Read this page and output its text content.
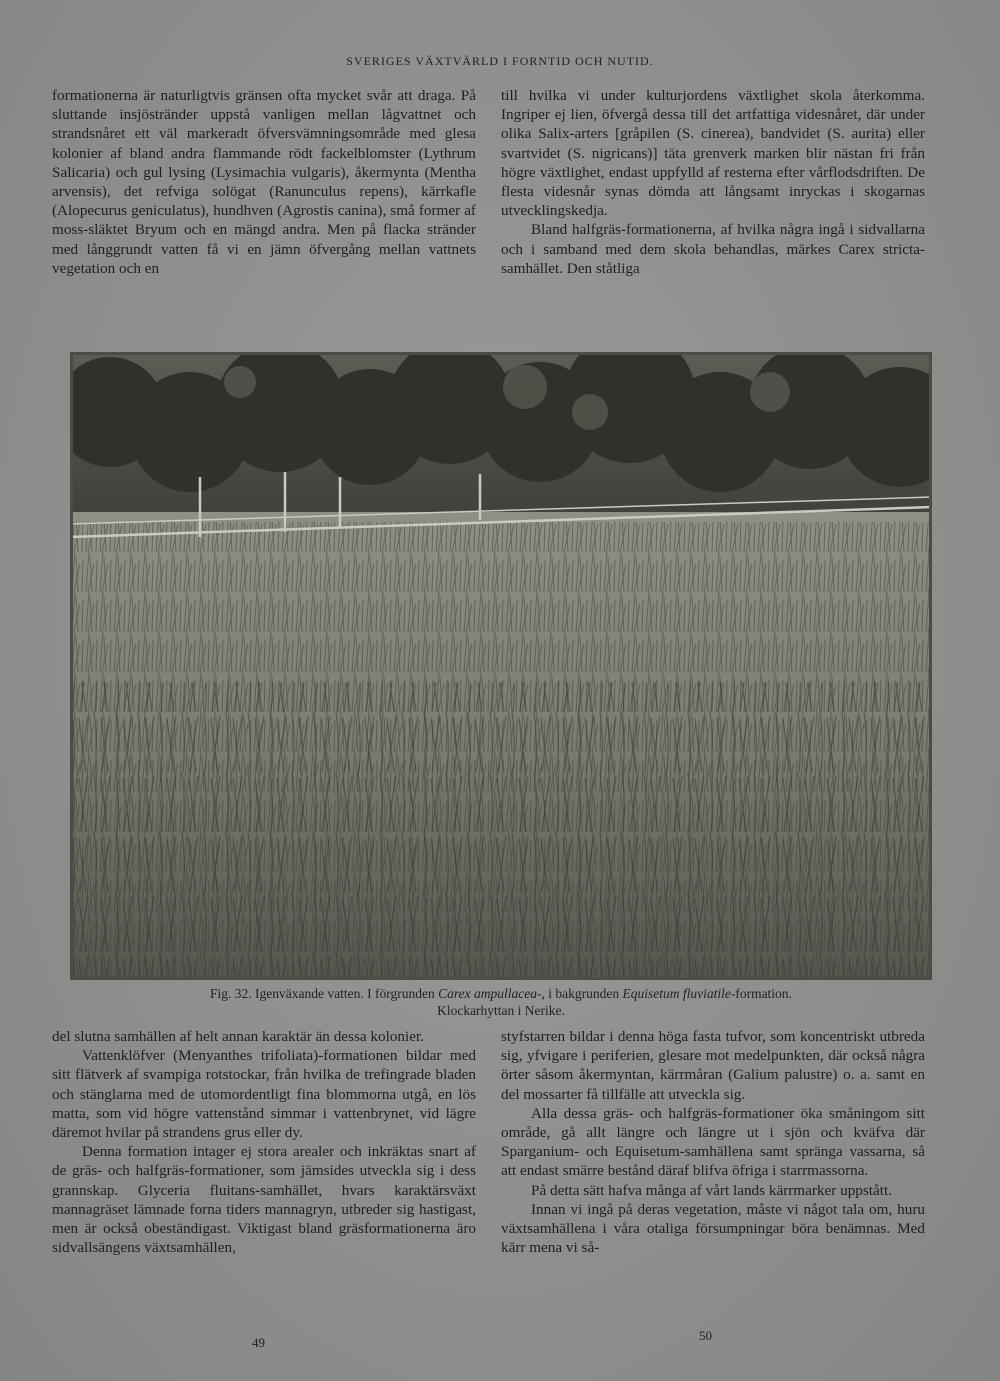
SVERIGES VÄXTVÄRLD I FORNTID OCH NUTID.

formationerna är naturligtvis gränsen ofta mycket svår att draga. På sluttande insjöstränder uppstå vanligen mellan lågvattnet och strandsnåret ett väl markeradt öfversvämningsområde med glesa kolonier af bland andra flammande rödt fackelblomster (Lythrum Salicaria) och gul lysing (Lysimachia vulgaris), åkermynta (Mentha arvensis), det refviga solögat (Ranunculus repens), kärrkafle (Alopecurus geniculatus), hundhven (Agrostis canina), små former af moss-släktet Bryum och en mängd andra. Men på flacka stränder med långgrundt vatten få vi en jämn öfvergång mellan vattnets vegetation och en

till hvilka vi under kulturjordens växtlighet skola återkomma. Ingriper ej lien, öfvergå dessa till det artfattiga videsnåret, där under olika Salix-arters [gråpilen (S. cinerea), bandvidet (S. aurita) eller svartvidet (S. nigricans)] täta grenverk marken blir nästan fri från högre växtlighet, endast uppfylld af resterna efter vårflodsdriften. De flesta videsnår synas dömda att långsamt inryckas i skogarnas utvecklingskedja.

Bland halfgräs-formationerna, af hvilka några ingå i sidvallarna och i samband med dem skola behandlas, märkes Carex stricta-samhället. Den ståtliga

Fig. 32. Igenväxande vatten. I förgrunden Carex ampullacea-, i bakgrunden Equisetum fluviatile-formation.
Klockarhyttan i Nerike.

del slutna samhällen af helt annan karaktär än dessa kolonier.

Vattenklöfver (Menyanthes trifoliata)-formationen bildar med sitt flätverk af svampiga rotstockar, från hvilka de trefingrade bladen och stänglarna med de utomordentligt fina blommorna utgå, en lös matta, som vid högre vattenstånd simmar i vattenbrynet, vid lägre däremot hvilar på strandens grus eller dy.

Denna formation intager ej stora arealer och inkräktas snart af de gräs- och halfgräs-formationer, som jämsides utveckla sig i dess grannskap. Glyceria fluitans-samhället, hvars karaktärsväxt mannagräset lämnade forna tiders mannagryn, utbreder sig hastigast, men är också obeständigast. Viktigast bland gräsformationerna äro sidvallsängens växtsamhällen,

styfstarren bildar i denna höga fasta tufvor, som koncentriskt utbreda sig, yfvigare i periferien, glesare mot medelpunkten, där också några örter såsom åkermyntan, kärrmåran (Galium palustre) o. a. samt en del mossarter få tillfälle att utveckla sig.

Alla dessa gräs- och halfgräs-formationer öka småningom sitt område, gå allt längre och längre ut i sjön och kväfva där Sparganium- och Equisetum-samhällena samt spränga vassarna, så att endast smärre bestånd däraf blifva öfriga i starrmassorna.

På detta sätt hafva många af vårt lands kärrmarker uppstått.

Innan vi ingå på deras vegetation, måste vi något tala om, huru växtsamhällena i våra otaliga försumpningar böra benämnas. Med kärr mena vi så-

49	50
